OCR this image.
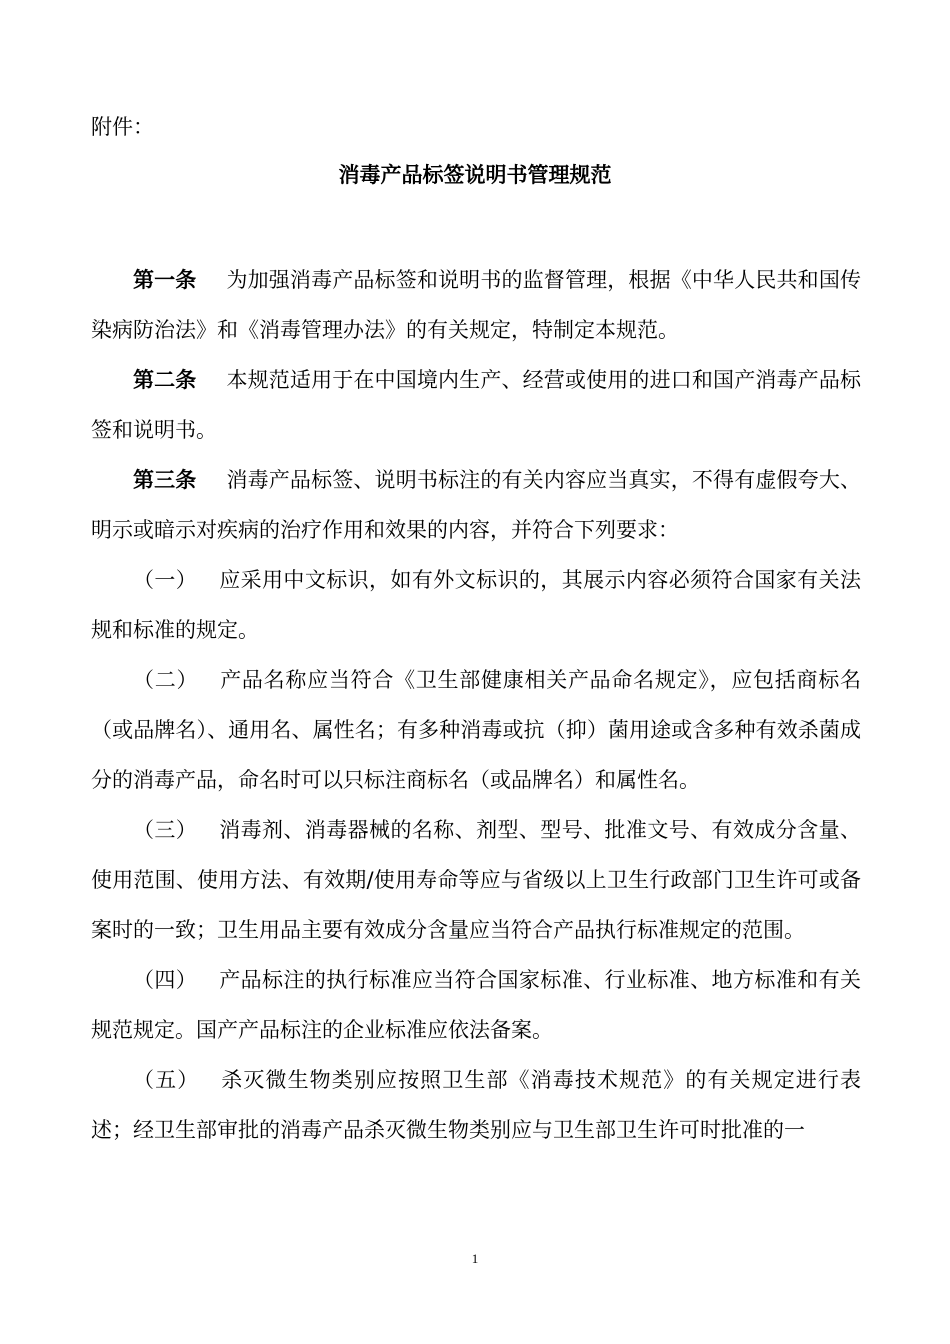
附件：

消毒产品标签说明书管理规范

第一条 为加强消毒产品标签和说明书的监督管理，根据《中华人民共和国传染病防治法》和《消毒管理办法》的有关规定，特制定本规范。

第二条 本规范适用于在中国境内生产、经营或使用的进口和国产消毒产品标签和说明书。

第三条 消毒产品标签、说明书标注的有关内容应当真实，不得有虚假夸大、明示或暗示对疾病的治疗作用和效果的内容，并符合下列要求：

（一） 应采用中文标识，如有外文标识的，其展示内容必须符合国家有关法规和标准的规定。

（二） 产品名称应当符合《卫生部健康相关产品命名规定》，应包括商标名（或品牌名）、通用名、属性名；有多种消毒或抗（抑）菌用途或含多种有效杀菌成分的消毒产品，命名时可以只标注商标名（或品牌名）和属性名。

（三） 消毒剂、消毒器械的名称、剂型、型号、批准文号、有效成分含量、使用范围、使用方法、有效期/使用寿命等应与省级以上卫生行政部门卫生许可或备案时的一致；卫生用品主要有效成分含量应当符合产品执行标准规定的范围。

（四） 产品标注的执行标准应当符合国家标准、行业标准、地方标准和有关规范规定。国产产品标注的企业标准应依法备案。

（五） 杀灭微生物类别应按照卫生部《消毒技术规范》的有关规定进行表述；经卫生部审批的消毒产品杀灭微生物类别应与卫生部卫生许可时批准的一

1
